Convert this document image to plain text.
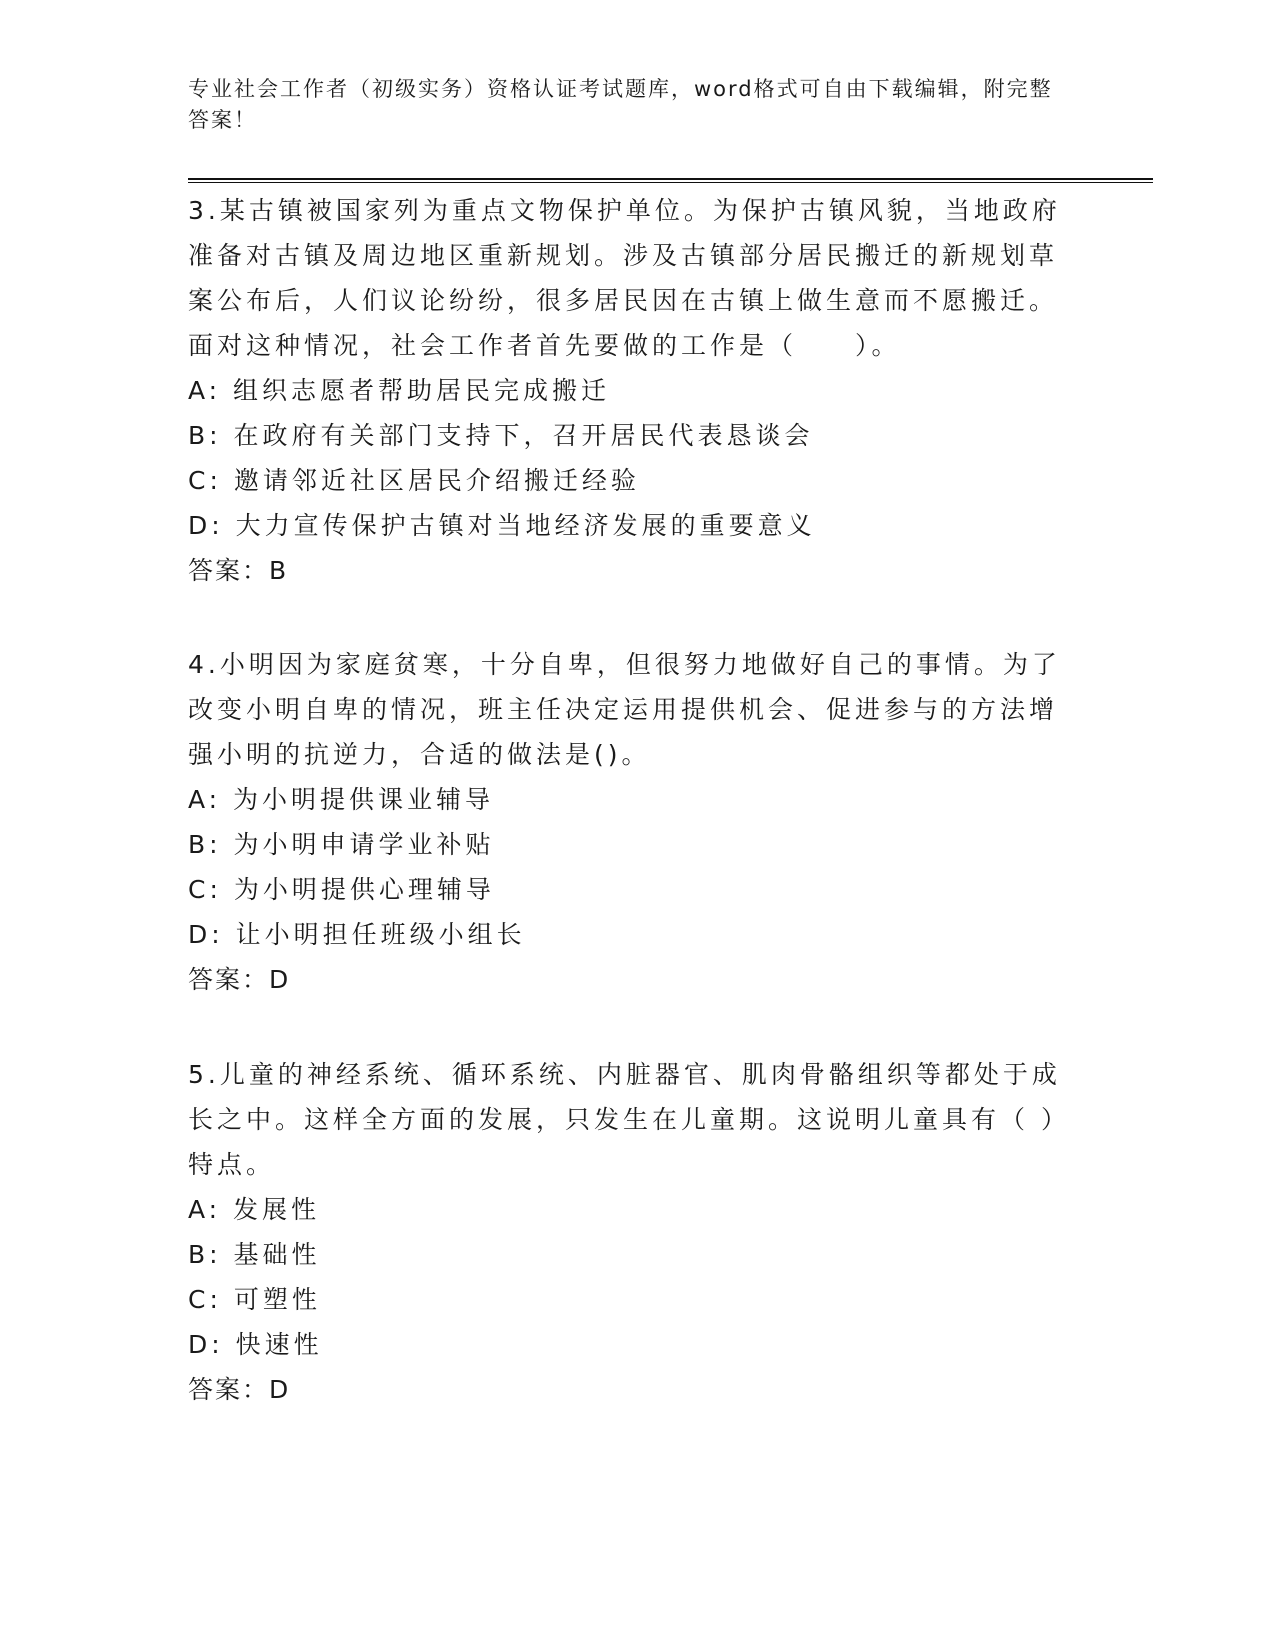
专业社会工作者（初级实务）资格认证考试题库，word格式可自由下载编辑，附完整答案！

3.某古镇被国家列为重点文物保护单位。为保护古镇风貌，当地政府准备对古镇及周边地区重新规划。涉及古镇部分居民搬迁的新规划草案公布后，人们议论纷纷，很多居民因在古镇上做生意而不愿搬迁。面对这种情况，社会工作者首先要做的工作是（　　）。

A: 组织志愿者帮助居民完成搬迁

B: 在政府有关部门支持下，召开居民代表恳谈会

C: 邀请邻近社区居民介绍搬迁经验

D: 大力宣传保护古镇对当地经济发展的重要意义

答案：B

4.小明因为家庭贫寒，十分自卑，但很努力地做好自己的事情。为了改变小明自卑的情况，班主任决定运用提供机会、促进参与的方法增强小明的抗逆力，合适的做法是()。

A: 为小明提供课业辅导

B: 为小明申请学业补贴

C: 为小明提供心理辅导

D: 让小明担任班级小组长

答案：D

5.儿童的神经系统、循环系统、内脏器官、肌肉骨骼组织等都处于成长之中。这样全方面的发展，只发生在儿童期。这说明儿童具有（ ）特点。

A: 发展性

B: 基础性

C: 可塑性

D: 快速性

答案：D
